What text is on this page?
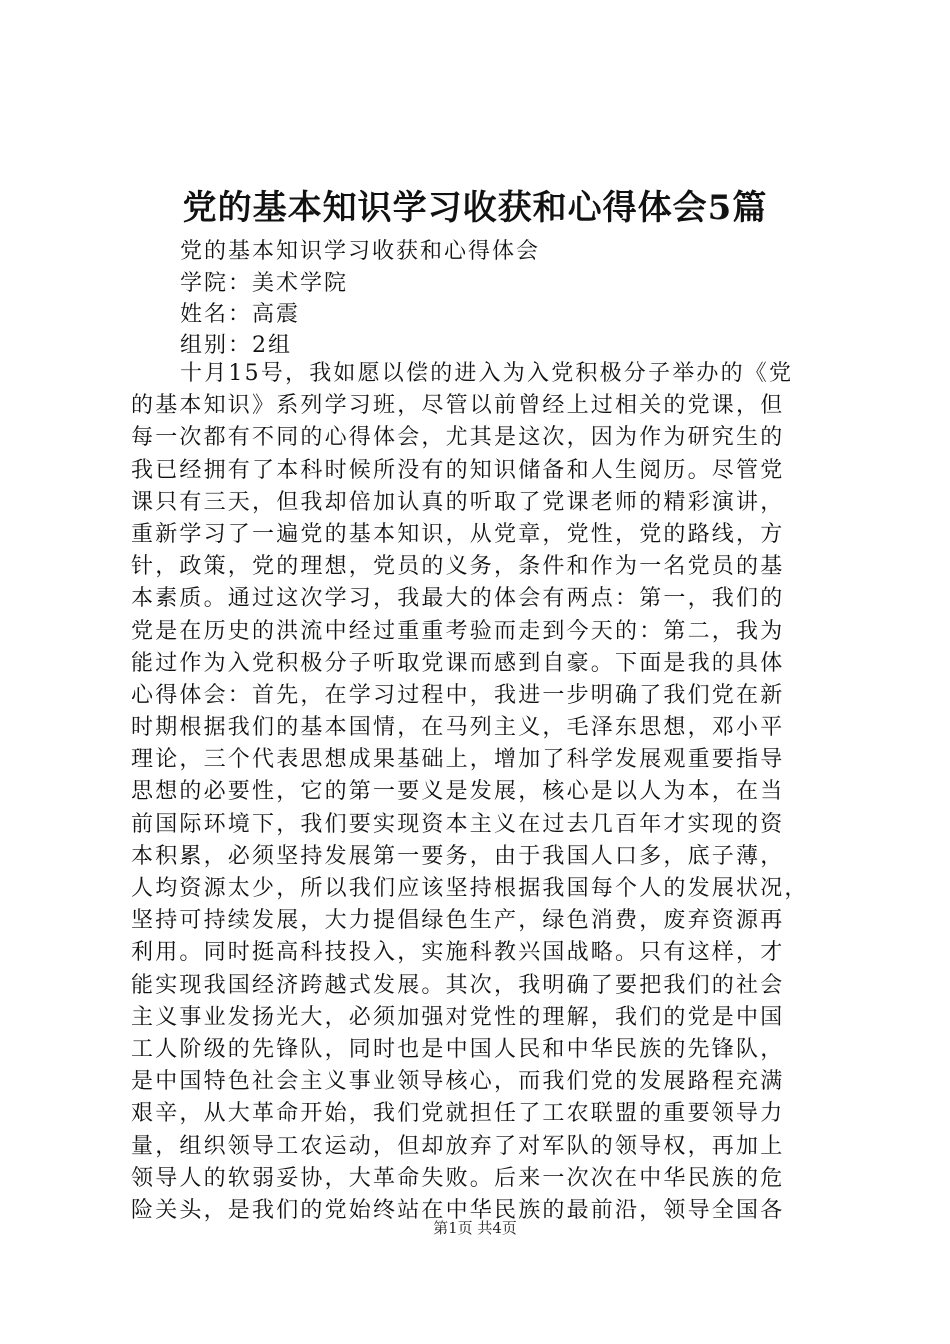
党的基本知识学习收获和心得体会5篇
党的基本知识学习收获和心得体会
学院：美术学院
姓名：高震
组别：2组
十月15号，我如愿以偿的进入为入党积极分子举办的《党
的基本知识》系列学习班，尽管以前曾经上过相关的党课，但
每一次都有不同的心得体会，尤其是这次，因为作为研究生的
我已经拥有了本科时候所没有的知识储备和人生阅历。尽管党
课只有三天，但我却倍加认真的听取了党课老师的精彩演讲，
重新学习了一遍党的基本知识，从党章，党性，党的路线，方
针，政策，党的理想，党员的义务，条件和作为一名党员的基
本素质。通过这次学习，我最大的体会有两点：第一，我们的
党是在历史的洪流中经过重重考验而走到今天的：第二，我为
能过作为入党积极分子听取党课而感到自豪。下面是我的具体
心得体会：首先，在学习过程中，我进一步明确了我们党在新
时期根据我们的基本国情，在马列主义，毛泽东思想，邓小平
理论，三个代表思想成果基础上，增加了科学发展观重要指导
思想的必要性，它的第一要义是发展，核心是以人为本，在当
前国际环境下，我们要实现资本主义在过去几百年才实现的资
本积累，必须坚持发展第一要务，由于我国人口多，底子薄，
人均资源太少，所以我们应该坚持根据我国每个人的发展状况，
坚持可持续发展，大力提倡绿色生产，绿色消费，废弃资源再
利用。同时挺高科技投入，实施科教兴国战略。只有这样，才
能实现我国经济跨越式发展。其次，我明确了要把我们的社会
主义事业发扬光大，必须加强对党性的理解，我们的党是中国
工人阶级的先锋队，同时也是中国人民和中华民族的先锋队，
是中国特色社会主义事业领导核心，而我们党的发展路程充满
艰辛，从大革命开始，我们党就担任了工农联盟的重要领导力
量，组织领导工农运动，但却放弃了对军队的领导权，再加上
领导人的软弱妥协，大革命失败。后来一次次在中华民族的危
险关头，是我们的党始终站在中华民族的最前沿，领导全国各
第1页 共4页
